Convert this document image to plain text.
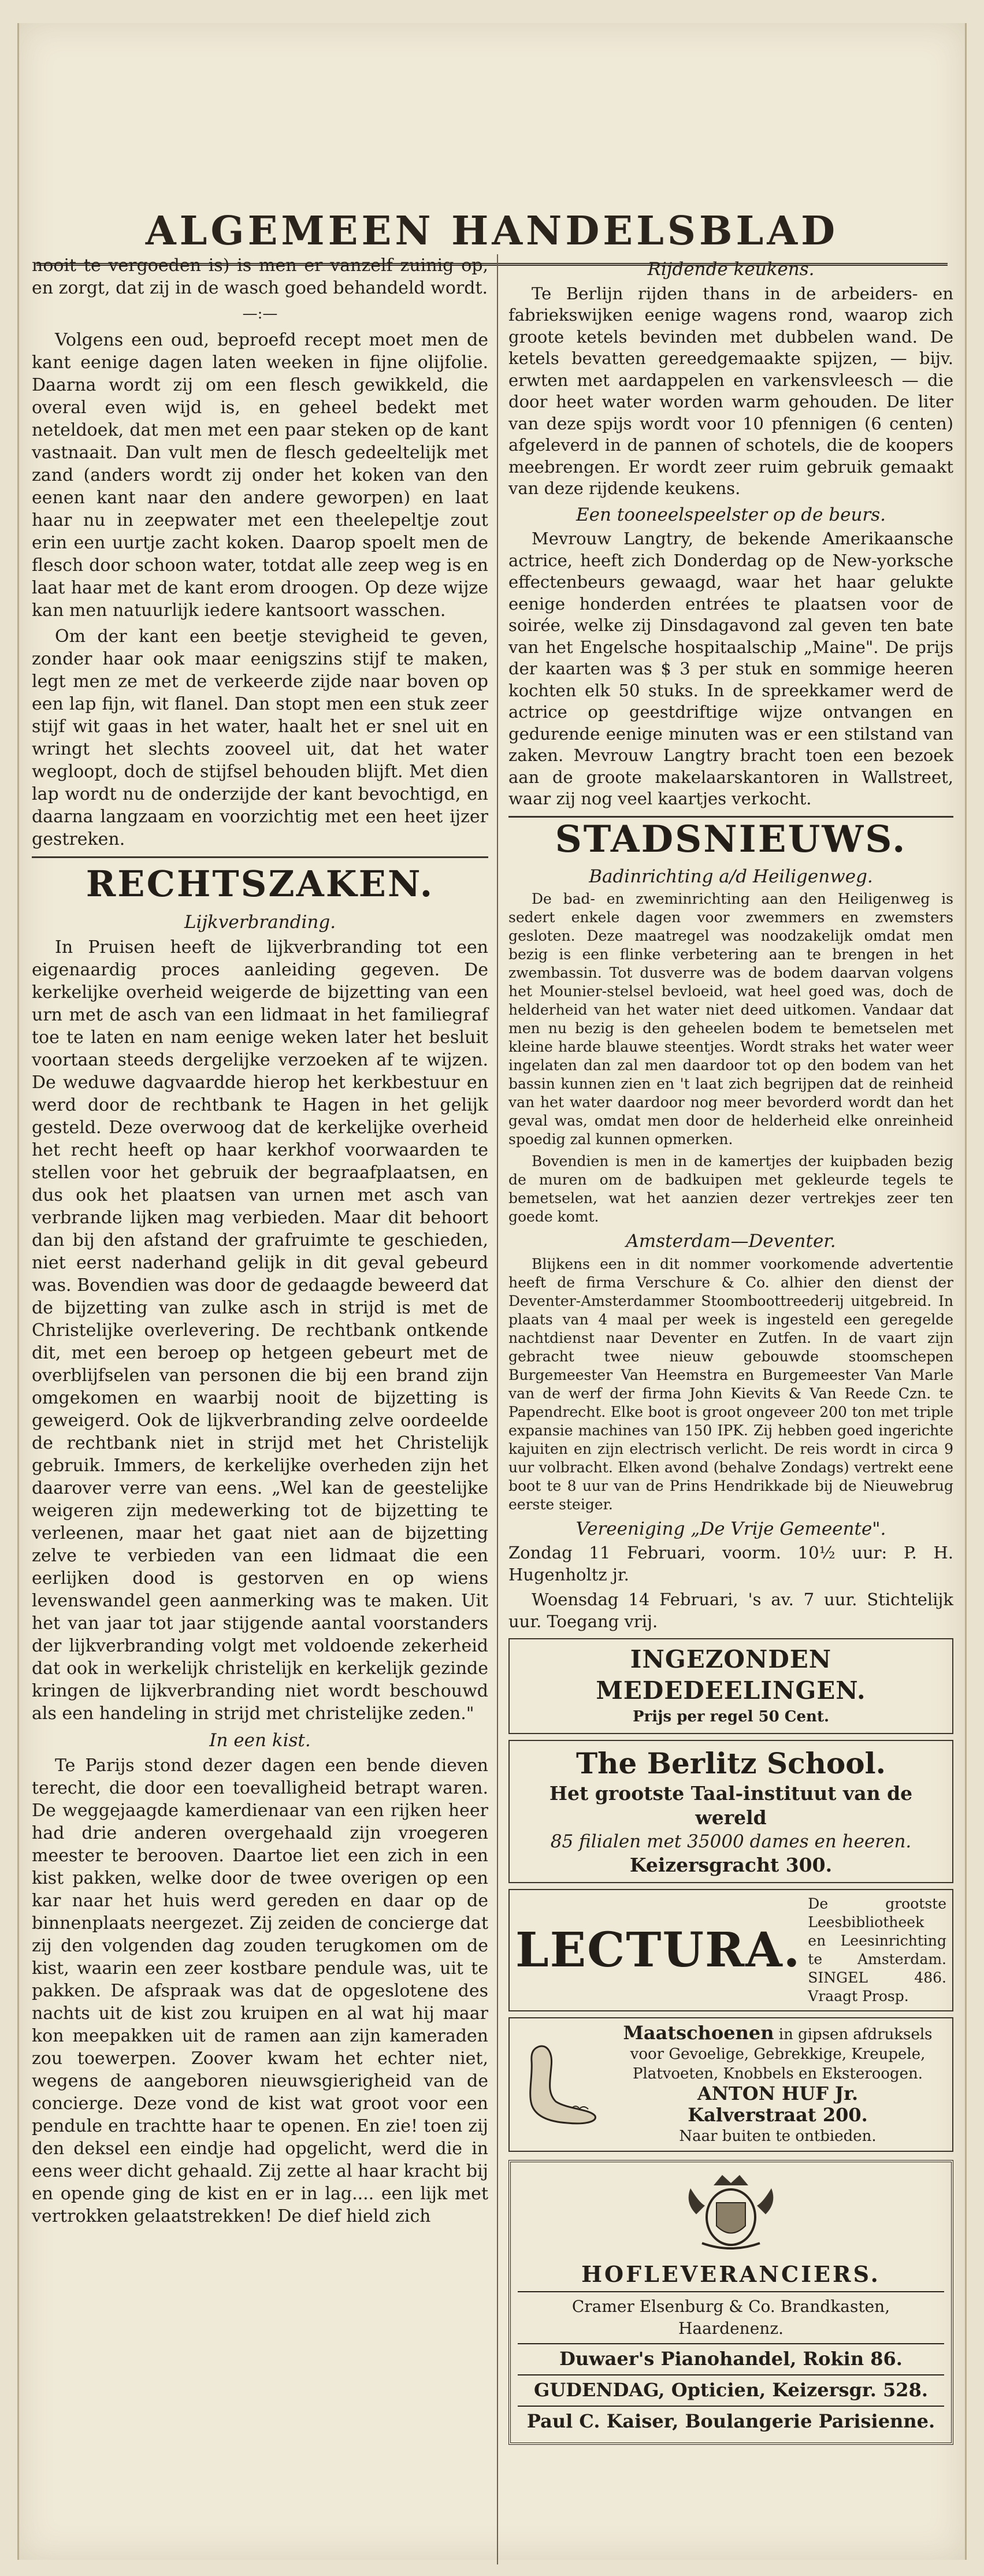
ALGEMEEN HANDELSBLAD

nooit te vergoeden is) is men er vanzelf zuinig op, en zorgt, dat zij in de wasch goed behandeld wordt.

—:—

Volgens een oud, beproefd recept moet men de kant eenige dagen laten weeken in fijne olijfolie. Daarna wordt zij om een flesch gewikkeld, die overal even wijd is, en geheel bedekt met neteldoek, dat men met een paar steken op de kant vastnaait. Dan vult men de flesch gedeeltelijk met zand (anders wordt zij onder het koken van den eenen kant naar den andere geworpen) en laat haar nu in zeepwater met een theelepeltje zout erin een uurtje zacht koken. Daarop spoelt men de flesch door schoon water, totdat alle zeep weg is en laat haar met de kant erom droogen. Op deze wijze kan men natuurlijk iedere kantsoort wasschen.

Om der kant een beetje stevigheid te geven, zonder haar ook maar eenigszins stijf te maken, legt men ze met de verkeerde zijde naar boven op een lap fijn, wit flanel. Dan stopt men een stuk zeer stijf wit gaas in het water, haalt het er snel uit en wringt het slechts zooveel uit, dat het water wegloopt, doch de stijfsel behouden blijft. Met dien lap wordt nu de onderzijde der kant bevochtigd, en daarna langzaam en voorzichtig met een heet ijzer gestreken.

RECHTSZAKEN.
Lijkverbranding.

In Pruisen heeft de lijkverbranding tot een eigenaardig proces aanleiding gegeven. De kerkelijke overheid weigerde de bijzetting van een urn met de asch van een lidmaat in het familiegraf toe te laten en nam eenige weken later het besluit voortaan steeds dergelijke verzoeken af te wijzen. De weduwe dagvaardde hierop het kerkbestuur en werd door de rechtbank te Hagen in het gelijk gesteld. Deze overwoog dat de kerkelijke overheid het recht heeft op haar kerkhof voorwaarden te stellen voor het gebruik der begraafplaatsen, en dus ook het plaatsen van urnen met asch van verbrande lijken mag verbieden. Maar dit behoort dan bij den afstand der grafruimte te geschieden, niet eerst naderhand gelijk in dit geval gebeurd was. Bovendien was door de gedaagde beweerd dat de bijzetting van zulke asch in strijd is met de Christelijke overlevering. De rechtbank ontkende dit, met een beroep op hetgeen gebeurt met de overblijfselen van personen die bij een brand zijn omgekomen en waarbij nooit de bijzetting is geweigerd. Ook de lijkverbranding zelve oordeelde de rechtbank niet in strijd met het Christelijk gebruik. Immers, de kerkelijke overheden zijn het daarover verre van eens. „Wel kan de geestelijke weigeren zijn medewerking tot de bijzetting te verleenen, maar het gaat niet aan de bijzetting zelve te verbieden van een lidmaat die een eerlijken dood is gestorven en op wiens levenswandel geen aanmerking was te maken. Uit het van jaar tot jaar stijgende aantal voorstanders der lijkverbranding volgt met voldoende zekerheid dat ook in werkelijk christelijk en kerkelijk gezinde kringen de lijkverbranding niet wordt beschouwd als een handeling in strijd met christelijke zeden."

In een kist.

Te Parijs stond dezer dagen een bende dieven terecht, die door een toevalligheid betrapt waren. De weggejaagde kamerdienaar van een rijken heer had drie anderen overgehaald zijn vroegeren meester te berooven. Daartoe liet een zich in een kist pakken, welke door de twee overigen op een kar naar het huis werd gereden en daar op de binnenplaats neergezet. Zij zeiden de concierge dat zij den volgenden dag zouden terugkomen om de kist, waarin een zeer kostbare pendule was, uit te pakken. De afspraak was dat de opgeslotene des nachts uit de kist zou kruipen en al wat hij maar kon meepakken uit de ramen aan zijn kameraden zou toewerpen. Zoover kwam het echter niet, wegens de aangeboren nieuwsgierigheid van de concierge. Deze vond de kist wat groot voor een pendule en trachtte haar te openen. En zie! toen zij den deksel een eindje had opgelicht, werd die in eens weer dicht gehaald. Zij zette al haar kracht bij en opende ging de kist en er in lag.... een lijk met vertrokken gelaatstrekken! De dief hield zich

Rijdende keukens.

Te Berlijn rijden thans in de arbeiders- en fabriekswijken eenige wagens rond, waarop zich groote ketels bevinden met dubbelen wand. De ketels bevatten gereedgemaakte spijzen, — bijv. erwten met aardappelen en varkensvleesch — die door heet water worden warm gehouden. De liter van deze spijs wordt voor 10 pfennigen (6 centen) afgeleverd in de pannen of schotels, die de koopers meebrengen. Er wordt zeer ruim gebruik gemaakt van deze rijdende keukens.

Een tooneelspeelster op de beurs.

Mevrouw Langtry, de bekende Amerikaansche actrice, heeft zich Donderdag op de New-yorksche effectenbeurs gewaagd, waar het haar gelukte eenige honderden entrées te plaatsen voor de soirée, welke zij Dinsdagavond zal geven ten bate van het Engelsche hospitaalschip „Maine". De prijs der kaarten was $ 3 per stuk en sommige heeren kochten elk 50 stuks. In de spreekkamer werd de actrice op geestdriftige wijze ontvangen en gedurende eenige minuten was er een stilstand van zaken. Mevrouw Langtry bracht toen een bezoek aan de groote makelaarskantoren in Wallstreet, waar zij nog veel kaartjes verkocht.

STADSNIEUWS.
Badinrichting a/d Heiligenweg.

De bad- en zweminrichting aan den Heiligenweg is sedert enkele dagen voor zwemmers en zwemsters gesloten. Deze maatregel was noodzakelijk omdat men bezig is een flinke verbetering aan te brengen in het zwembassin. Tot dusverre was de bodem daarvan volgens het Mounier-stelsel bevloeid, wat heel goed was, doch de helderheid van het water niet deed uitkomen. Vandaar dat men nu bezig is den geheelen bodem te bemetselen met kleine harde blauwe steentjes. Wordt straks het water weer ingelaten dan zal men daardoor tot op den bodem van het bassin kunnen zien en 't laat zich begrijpen dat de reinheid van het water daardoor nog meer bevorderd wordt dan het geval was, omdat men door de helderheid elke onreinheid spoedig zal kunnen opmerken.

Bovendien is men in de kamertjes der kuipbaden bezig de muren om de badkuipen met gekleurde tegels te bemetselen, wat het aanzien dezer vertrekjes zeer ten goede komt.

Amsterdam—Deventer.

Blijkens een in dit nommer voorkomende advertentie heeft de firma Verschure & Co. alhier den dienst der Deventer-Amsterdammer Stoomboottreederij uitgebreid. In plaats van 4 maal per week is ingesteld een geregelde nachtdienst naar Deventer en Zutfen. In de vaart zijn gebracht twee nieuw gebouwde stoomschepen Burgemeester Van Heemstra en Burgemeester Van Marle van de werf der firma John Kievits & Van Reede Czn. te Papendrecht. Elke boot is groot ongeveer 200 ton met triple expansie machines van 150 IPK. Zij hebben goed ingerichte kajuiten en zijn electrisch verlicht. De reis wordt in circa 9 uur volbracht. Elken avond (behalve Zondags) vertrekt eene boot te 8 uur van de Prins Hendrikkade bij de Nieuwebrug eerste steiger.

Vereeniging „De Vrije Gemeente".

Zondag 11 Februari, voorm. 10½ uur: P. H. Hugenholtz jr.

Woensdag 14 Februari, 's av. 7 uur. Stichtelijk uur. Toegang vrij.

INGEZONDEN MEDEDEELINGEN.
Prijs per regel 50 Cent.
The Berlitz School.
Het grootste Taal-instituut van de wereld
85 filialen met 35000 dames en heeren.
Keizersgracht 300.
LECTURA.
De grootste Leesbibliotheek en Leesinrichting te Amsterdam. SINGEL 486. Vraagt Prosp.
Maatschoenen in gipsen afdruksels voor Gevoelige, Gebrekkige, Kreupele, Platvoeten, Knobbels en Eksteroogen.
ANTON HUF Jr.
Kalverstraat 200.
Naar buiten te ontbieden.
HOFLEVERANCIERS.
Cramer Elsenburg & Co. Brandkasten, Haardenenz.
Duwaer's Pianohandel, Rokin 86.
GUDENDAG, Opticien, Keizersgr. 528.
Paul C. Kaiser, Boulangerie Parisienne.
